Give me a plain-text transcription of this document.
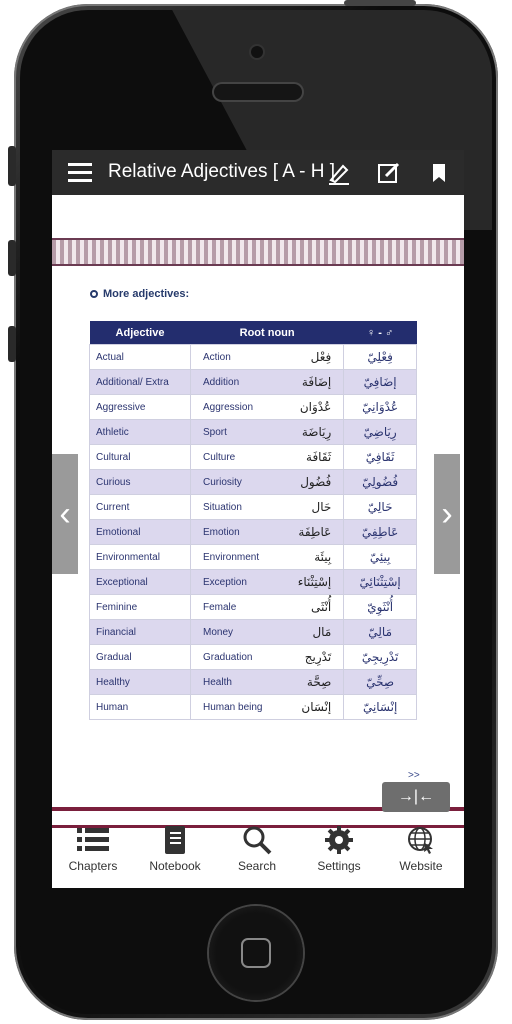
Relative Adjectives [ A - H ]
More adjectives:
Adjective	Root noun	♀ - ♂
Actual	Action فِعْل	فِعْلِيّ
Additional/ Extra	Addition إضَافَة	إضَافِيّ
Aggressive	Aggression عُدْوَان	عُدْوَانِيّ
Athletic	Sport رِيَاضَة	رِيَاضِيّ
Cultural	Culture ثَقَافَة	ثَقَافِيّ
Curious	Curiosity فُضُول	فُضُولِيّ
Current	Situation حَال	حَالِيّ
Emotional	Emotion عَاطِفَة	عَاطِفِيّ
Environmental	Environment بِيئَة	بِيئِيّ
Exceptional	Exception إسْتِثْنَاء	إسْتِثْنَائِيّ
Feminine	Female أُنْثَى	أُنْثَوِيّ
Financial	Money مَال	مَالِيّ
Gradual	Graduation تَدْرِيج	تَدْرِيجِيّ
Healthy	Health صِحَّة	صِحِّيّ
Human	Human being إنْسَان	إنْسَانِيّ
>>
‹	›
→|←
Chapters	Notebook	Search	Settings	Website
